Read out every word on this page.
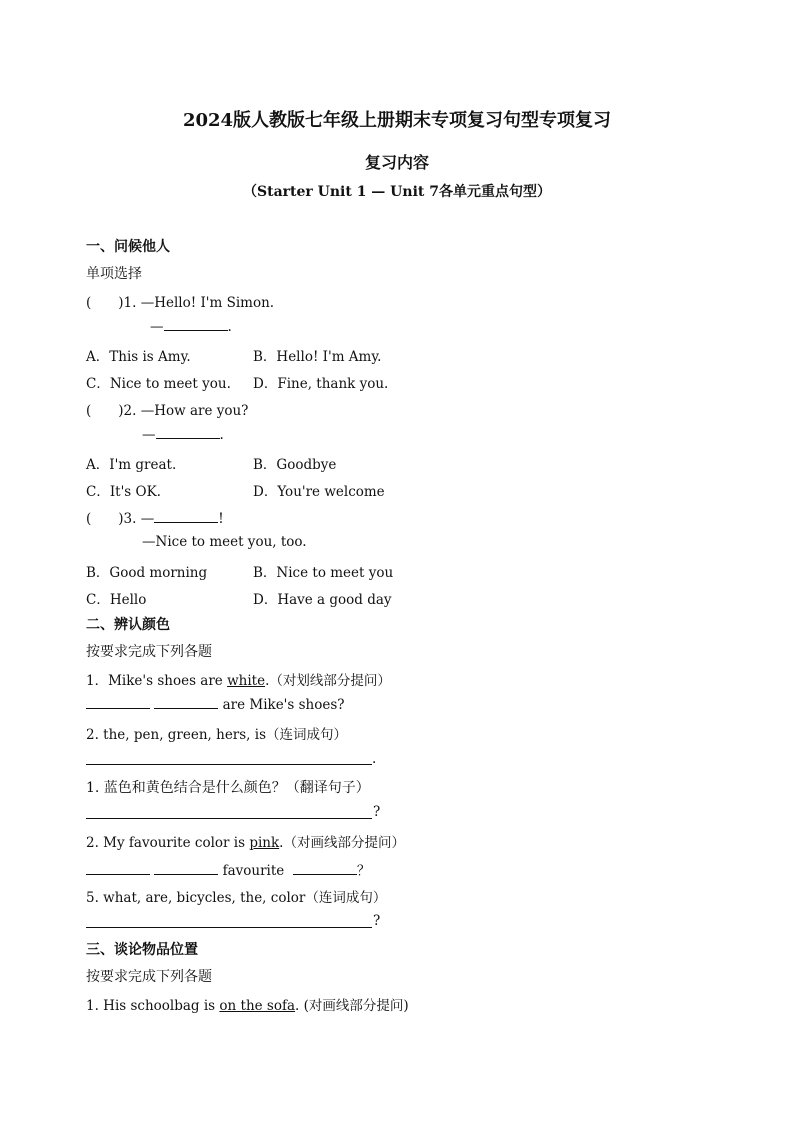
2024版人教版七年级上册期末专项复习句型专项复习
复习内容
（Starter Unit 1 — Unit 7各单元重点句型）
一、问候他人
单项选择
(　　)1. —Hello! I'm Simon.
—	.
A．This is Amy.	B．Hello! I'm Amy.
C．Nice to meet you. D．Fine, thank you.
(　　)2. —How are you?
—	.
A．I'm great.	B．Goodbye
C．It's OK.	D．You're welcome
(　　)3. —	!
—Nice to meet you, too.
B．Good morning	B．Nice to meet you
C．Hello	D．Have a good day
二、辨认颜色
按要求完成下列各题
1．Mike's shoes are white.（对划线部分提问）
are Mike's shoes?
2. the, pen, green, hers, is（连词成句）
.
1. 蓝色和黄色结合是什么颜色？（翻译句子）
?
2. My favourite color is pink.（对画线部分提问）
favourite	？
5. what, are, bicycles, the, color（连词成句）
?
三、谈论物品位置
按要求完成下列各题
1. His schoolbag is on the sofa. (对画线部分提问)
